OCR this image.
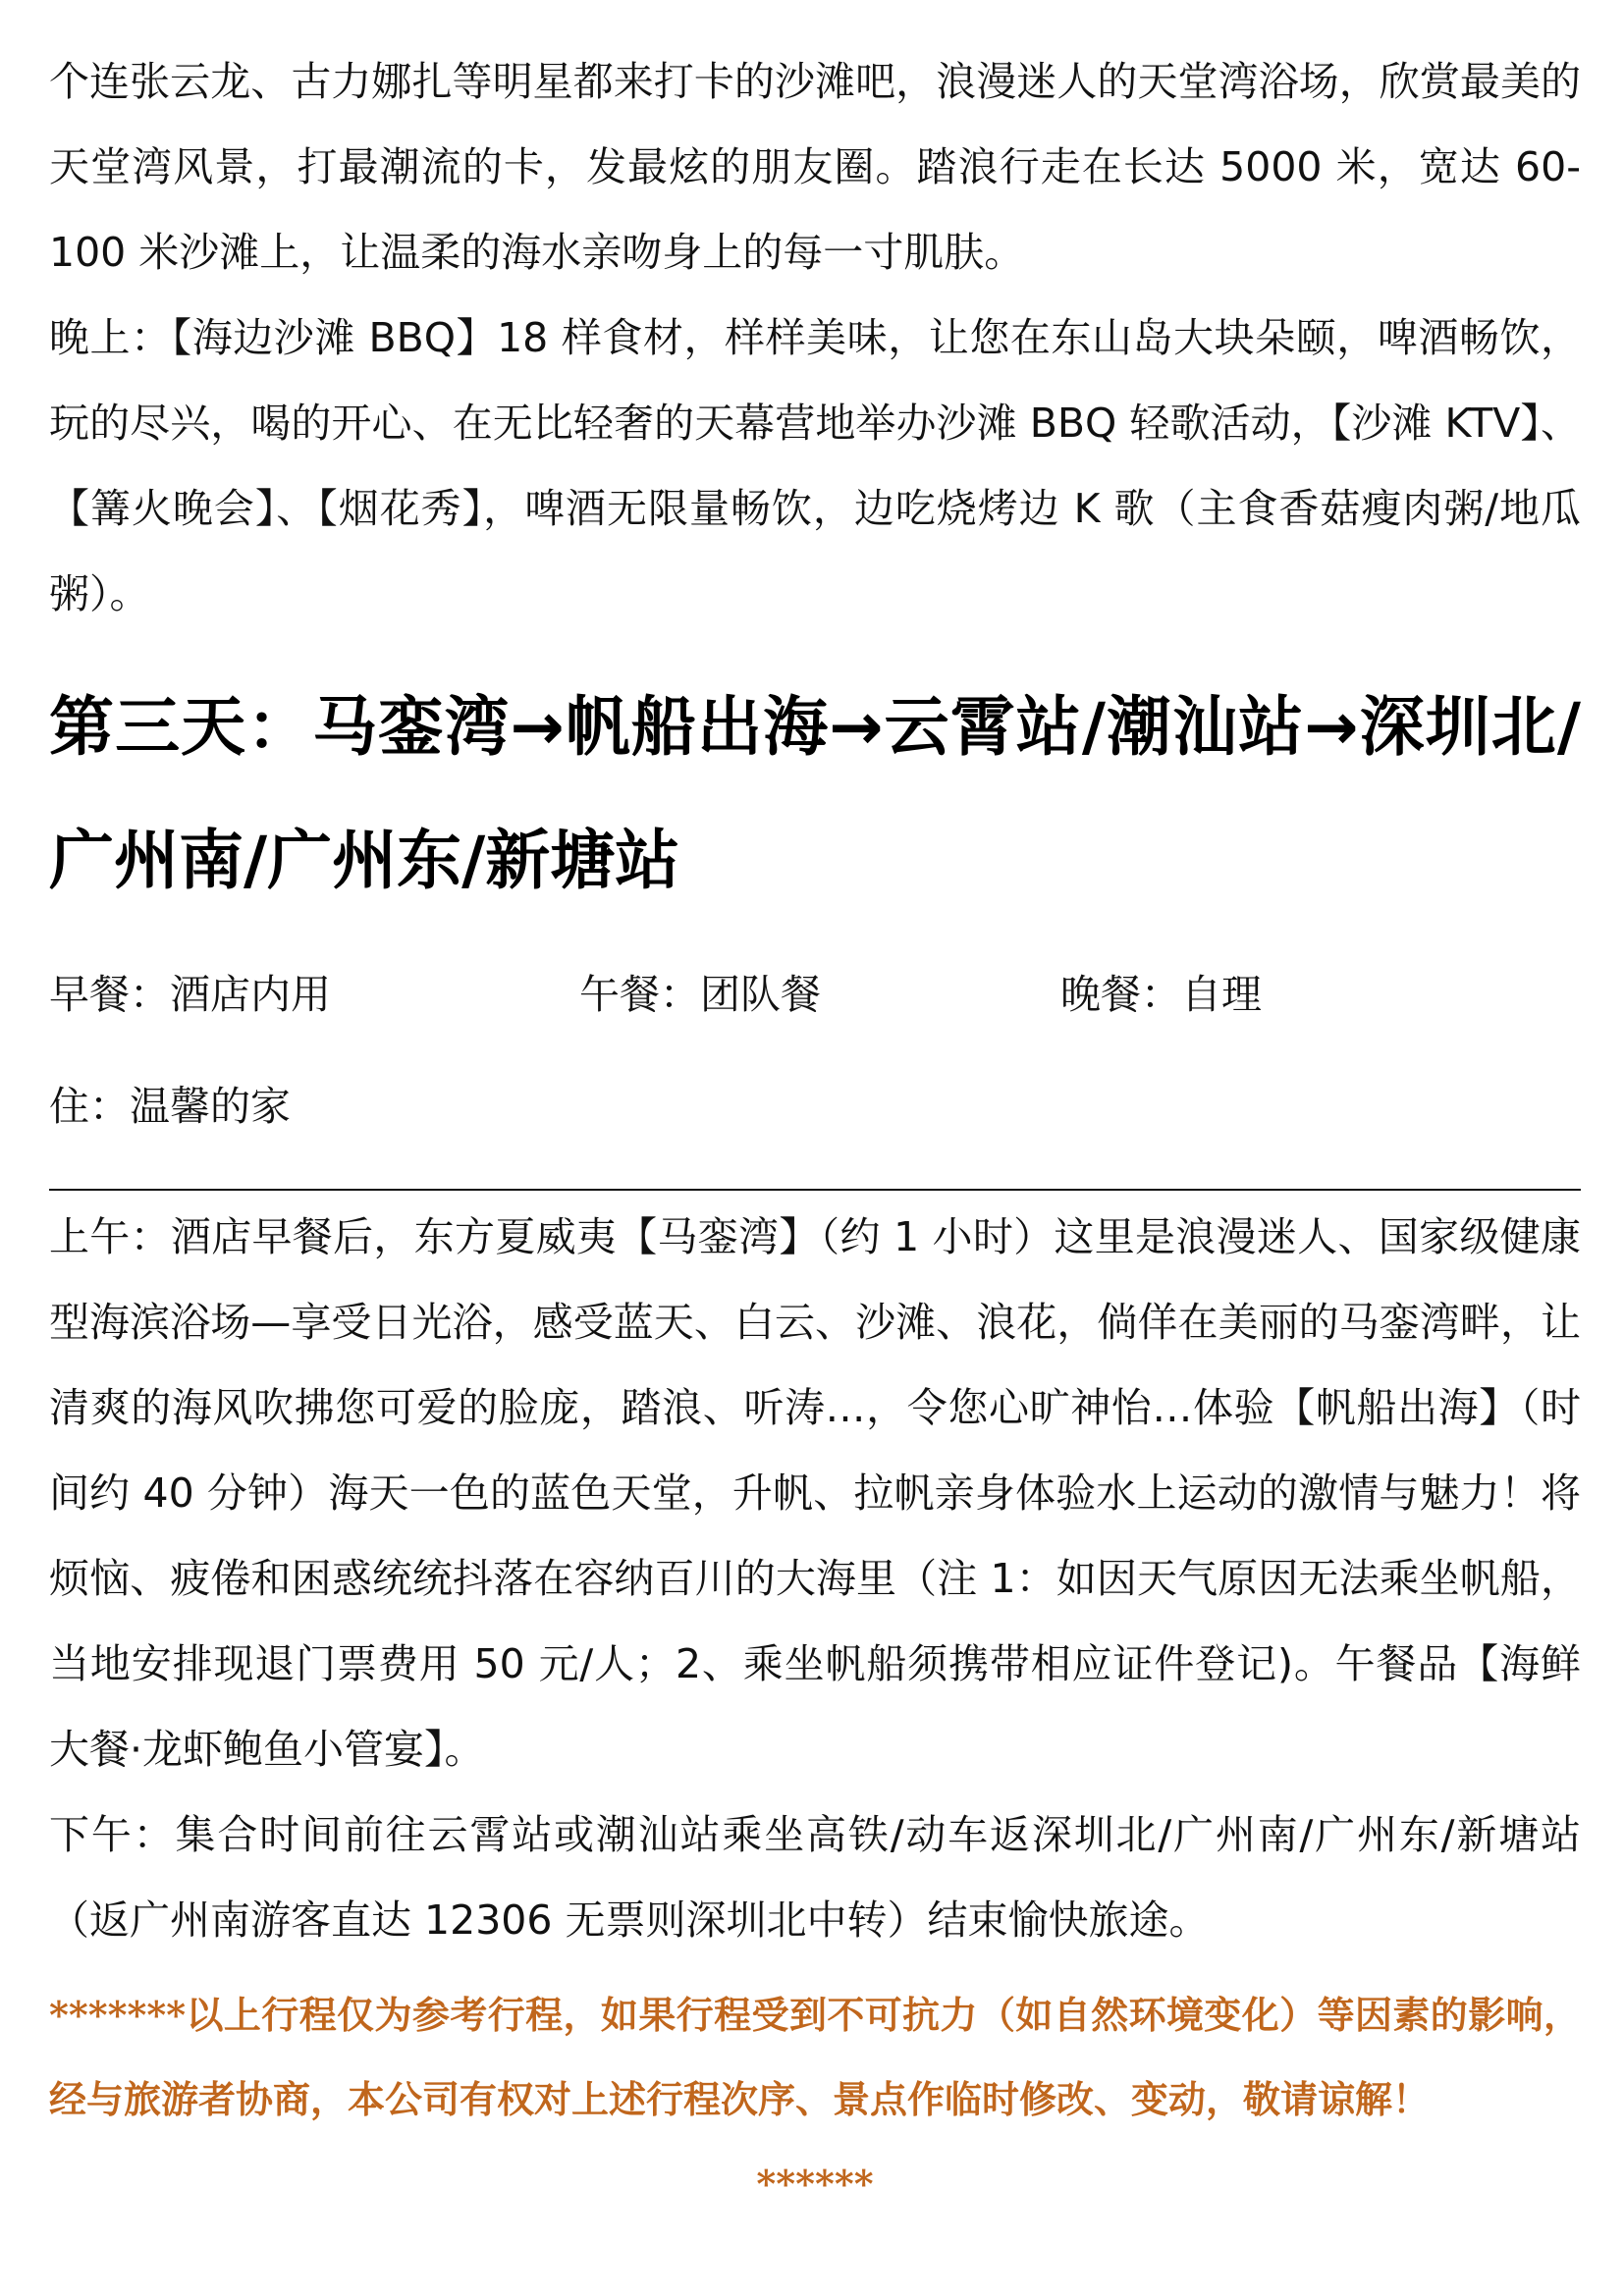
个连张云龙、古力娜扎等明星都来打卡的沙滩吧，浪漫迷人的天堂湾浴场，欣赏最美的天堂湾风景，打最潮流的卡，发最炫的朋友圈。踏浪行走在长达 5000 米，宽达 60-100 米沙滩上，让温柔的海水亲吻身上的每一寸肌肤。

晚上：【海边沙滩 BBQ】18 样食材，样样美味，让您在东山岛大块朵颐，啤酒畅饮，玩的尽兴，喝的开心、在无比轻奢的天幕营地举办沙滩 BBQ 轻歌活动，【沙滩 KTV】、【篝火晚会】、【烟花秀】，啤酒无限量畅饮，边吃烧烤边 K 歌（主食香菇瘦肉粥/地瓜粥）。

第三天：马銮湾→帆船出海→云霄站/潮汕站→深圳北/广州南/广州东/新塘站
早餐：酒店内用	午餐：团队餐	晚餐：自理
住：温馨的家

上午：酒店早餐后，东方夏威夷【马銮湾】（约 1 小时）这里是浪漫迷人、国家级健康型海滨浴场—享受日光浴，感受蓝天、白云、沙滩、浪花，倘佯在美丽的马銮湾畔，让清爽的海风吹拂您可爱的脸庞，踏浪、听涛…，令您心旷神怡…体验【帆船出海】（时间约 40 分钟）海天一色的蓝色天堂，升帆、拉帆亲身体验水上运动的激情与魅力！将烦恼、疲倦和困惑统统抖落在容纳百川的大海里（注 1：如因天气原因无法乘坐帆船，当地安排现退门票费用 50 元/人；2、乘坐帆船须携带相应证件登记)。午餐品【海鲜大餐·龙虾鲍鱼小管宴】。

下午：集合时间前往云霄站或潮汕站乘坐高铁/动车返深圳北/广州南/广州东/新塘站（返广州南游客直达 12306 无票则深圳北中转）结束愉快旅途。

*******以上行程仅为参考行程，如果行程受到不可抗力（如自然环境变化）等因素的影响，经与旅游者协商，本公司有权对上述行程次序、景点作临时修改、变动，敬请谅解！

******
